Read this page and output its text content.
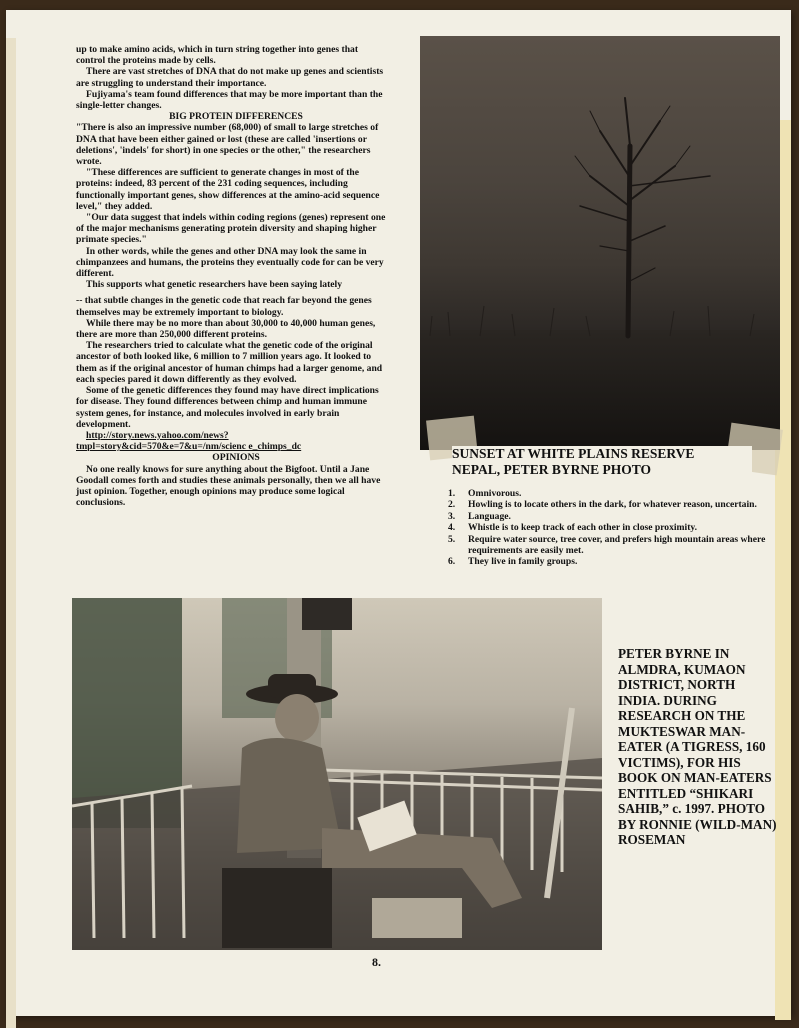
up to make amino acids, which in turn string together into genes that control the proteins made by cells.

There are vast stretches of DNA that do not make up genes and scientists are struggling to understand their importance.

Fujiyama's team found differences that may be more important than the single-letter changes.

BIG PROTEIN DIFFERENCES

"There is also an impressive number (68,000) of small to large stretches of DNA that have been either gained or lost (these are called 'insertions or deletions', 'indels' for short) in one species or the other," the researchers wrote.

"These differences are sufficient to generate changes in most of the proteins: indeed, 83 percent of the 231 coding sequences, including functionally important genes, show differences at the amino-acid sequence level," they added.

"Our data suggest that indels within coding regions (genes) represent one of the major mechanisms generating protein diversity and shaping higher primate species."

In other words, while the genes and other DNA may look the same in chimpanzees and humans, the proteins they eventually code for can be very different.

This supports what genetic researchers have been saying lately

-- that subtle changes in the genetic code that reach far beyond the genes themselves may be extremely important to biology.

While there may be no more than about 30,000 to 40,000 human genes, there are more than 250,000 different proteins.

The researchers tried to calculate what the genetic code of the original ancestor of both looked like, 6 million to 7 million years ago. It looked to them as if the original ancestor of human chimps had a larger genome, and each species pared it down differently as they evolved.

Some of the genetic differences they found may have direct implications for disease. They found differences between chimp and human immune system genes, for instance, and molecules involved in early brain development.

http://story.news.yahoo.com/news?tmpl=story&cid=570&e=7&u=/nm/scienc e_chimps_dc

OPINIONS

No one really knows for sure anything about the Bigfoot. Until a Jane Goodall comes forth and studies these animals personally, then we all have just opinion. Together, enough opinions may produce some logical conclusions.

SUNSET AT WHITE PLAINS RESERVE
NEPAL, PETER BYRNE PHOTO
1.	Omnivorous.
2.	Howling is to locate others in the dark, for whatever reason, uncertain.
3.	Language.
4.	Whistle is to keep track of each other in close proximity.
5.	Require water source, tree cover, and prefers high mountain areas where requirements are easily met.
6.	They live in family groups.
PETER BYRNE IN ALMDRA, KUMAON DISTRICT, NORTH INDIA. DURING RESEARCH ON THE MUKTESWAR MAN-EATER (A TIGRESS, 160 VICTIMS), FOR HIS BOOK ON MAN-EATERS ENTITLED “SHIKARI SAHIB,” c. 1997. PHOTO BY RONNIE (WILD-MAN) ROSEMAN
8.
